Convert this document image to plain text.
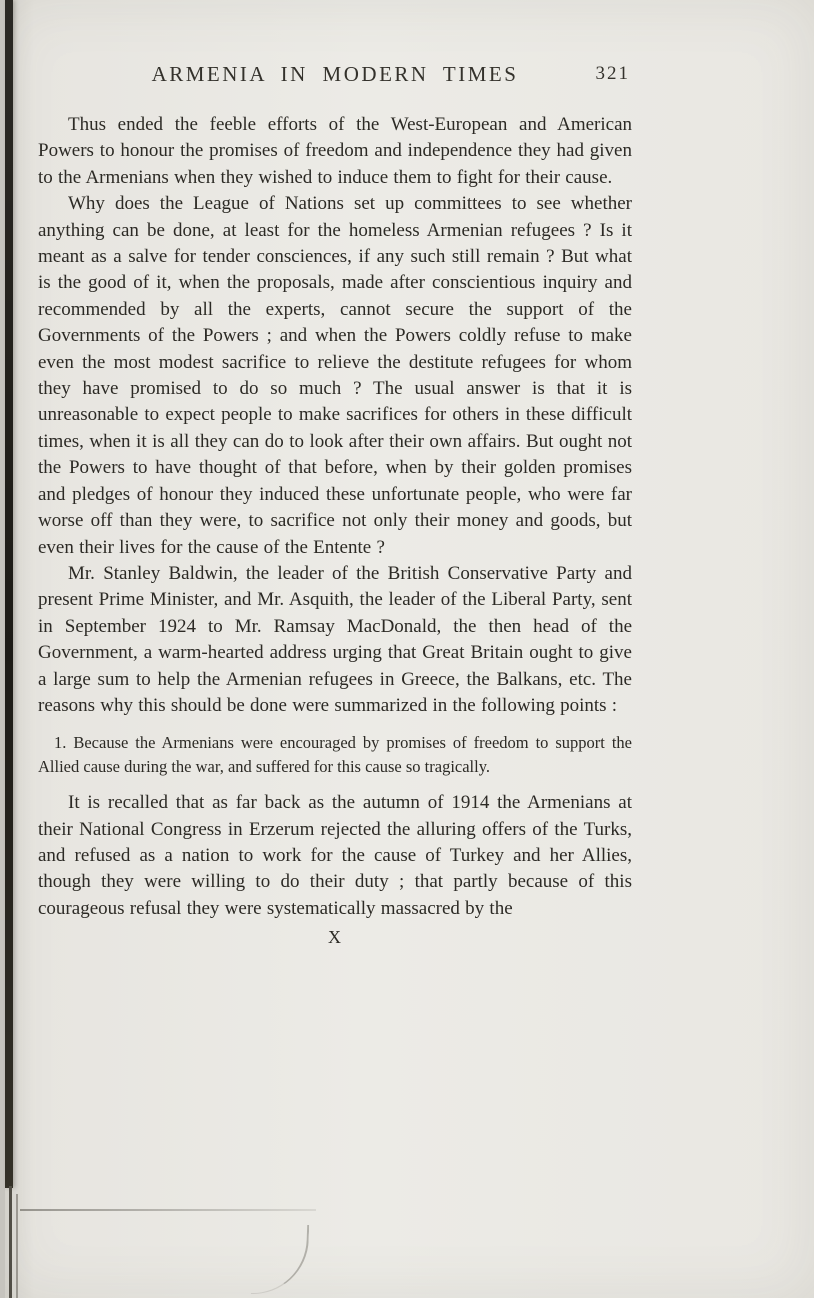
ARMENIA IN MODERN TIMES	321

Thus ended the feeble efforts of the West-European and American Powers to honour the promises of freedom and independence they had given to the Armenians when they wished to induce them to fight for their cause.

Why does the League of Nations set up committees to see whether anything can be done, at least for the homeless Armenian refugees ? Is it meant as a salve for tender consciences, if any such still remain ? But what is the good of it, when the proposals, made after conscientious inquiry and recommended by all the experts, cannot secure the support of the Governments of the Powers ; and when the Powers coldly refuse to make even the most modest sacrifice to relieve the destitute refugees for whom they have promised to do so much ? The usual answer is that it is unreasonable to expect people to make sacrifices for others in these difficult times, when it is all they can do to look after their own affairs. But ought not the Powers to have thought of that before, when by their golden promises and pledges of honour they induced these unfortunate people, who were far worse off than they were, to sacrifice not only their money and goods, but even their lives for the cause of the Entente ?

Mr. Stanley Baldwin, the leader of the British Conservative Party and present Prime Minister, and Mr. Asquith, the leader of the Liberal Party, sent in September 1924 to Mr. Ramsay MacDonald, the then head of the Government, a warm-hearted address urging that Great Britain ought to give a large sum to help the Armenian refugees in Greece, the Balkans, etc. The reasons why this should be done were summarized in the following points :

1. Because the Armenians were encouraged by promises of freedom to support the Allied cause during the war, and suffered for this cause so tragically.

It is recalled that as far back as the autumn of 1914 the Armenians at their National Congress in Erzerum rejected the alluring offers of the Turks, and refused as a nation to work for the cause of Turkey and her Allies, though they were willing to do their duty ; that partly because of this courageous refusal they were systematically massacred by the

X
